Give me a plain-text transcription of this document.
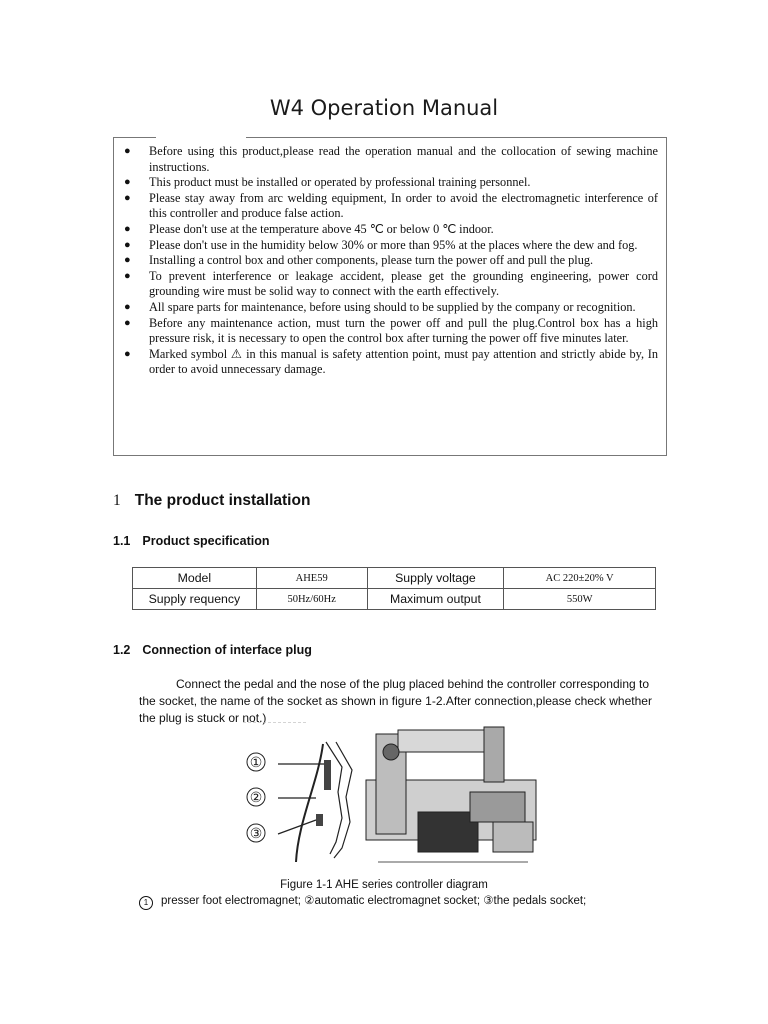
W4 Operation Manual
● Before using this product,please read the operation manual and the collocation of sewing machine instructions.
● This product must be installed or operated by professional training personnel.
● Please stay away from arc welding equipment, In order to avoid the electromagnetic interference of this controller and produce false action.
● Please don't use at the temperature above 45 ℃ or below 0 ℃ indoor.
● Please don't use in the humidity below 30% or more than 95% at the places where the dew and fog.
● Installing a control box and other components, please turn the power off and pull the plug.
● To prevent interference or leakage accident, please get the grounding engineering, power cord grounding wire must be solid way to connect with the earth effectively.
● All spare parts for maintenance, before using should to be supplied by the company or recognition.
● Before any maintenance action, must turn the power off and pull the plug.Control box has a high pressure risk, it is necessary to open the control box after turning the power off five minutes later.
● Marked symbol ⚠ in this manual is safety attention point, must pay attention and strictly abide by, In order to avoid unnecessary damage.
1 The product installation
1.1 Product specification
Model	AHE59	Supply voltage	AC 220±20% V
Supply requency	50Hz/60Hz	Maximum output	550W
1.2 Connection of interface plug
Connect the pedal and the nose of the plug placed behind the controller corresponding to the socket, the name of the socket as shown in figure 1-2.After connection,please check whether the plug is stuck or not.)
①
②
③
Figure 1-1 AHE series controller diagram
1 presser foot electromagnet; ②automatic electromagnet socket; ③the pedals socket;
